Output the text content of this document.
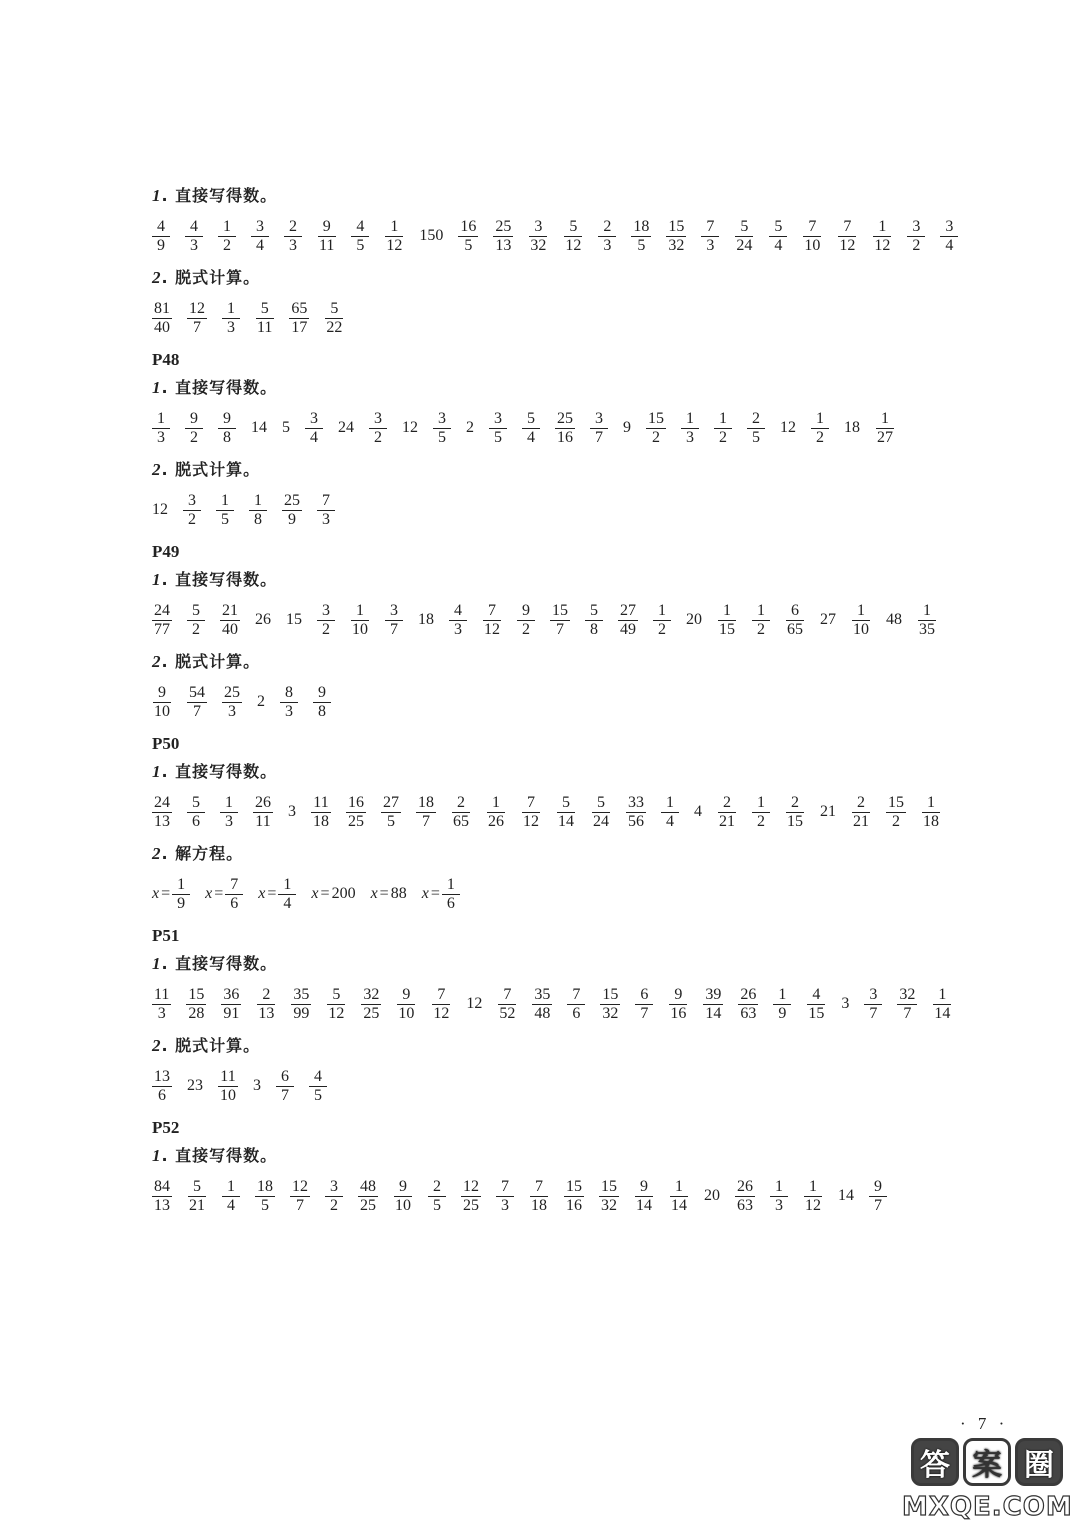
1. 直接写得数。
$\frac{4}{9} \frac{4}{3} \frac{1}{2} \frac{3}{4} \frac{2}{3} \frac{9}{11} \frac{4}{5} \frac{1}{12} 150 \frac{16}{5} \frac{25}{13} \frac{3}{32} \frac{5}{12} \frac{2}{3} \frac{18}{5} \frac{15}{32} \frac{7}{3} \frac{5}{24} \frac{5}{4} \frac{7}{10} \frac{7}{12} \frac{1}{12} \frac{3}{2} \frac{3}{4}$
2. 脱式计算。
$\frac{81}{40} \frac{12}{7} \frac{1}{3} \frac{5}{11} \frac{65}{17} \frac{5}{22}$
P48
1. 直接写得数。
$\frac{1}{3} \frac{9}{2} \frac{9}{8} 14$ $5 \frac{3}{4} 24 \frac{3}{2} 12 \frac{3}{5} 2 \frac{3}{5} \frac{5}{4} \frac{25}{16} \frac{3}{7} 9 \frac{15}{2} \frac{1}{3} \frac{1}{2} \frac{2}{5} 12 \frac{1}{2} 18 \frac{1}{27}$
2. 脱式计算。
$12 \frac{3}{2} \frac{1}{5} \frac{1}{8} \frac{25}{9} \frac{7}{3}$
P49
1. 直接写得数。
$\frac{24}{77} \frac{5}{2} \frac{21}{40} 26$ $15 \frac{3}{2} \frac{1}{10} \frac{3}{7} 18 \frac{4}{3} \frac{7}{12} \frac{9}{2} \frac{15}{7} \frac{5}{8} \frac{27}{49} \frac{1}{2} 20 \frac{1}{15} \frac{1}{2} \frac{6}{65} 27 \frac{1}{10} 48 \frac{1}{35}$
2. 脱式计算。
$\frac{9}{10} \frac{54}{7} \frac{25}{3} 2 \frac{8}{3} \frac{9}{8}$
P50
1. 直接写得数。
$\frac{24}{13} \frac{5}{6} \frac{1}{3} \frac{26}{11} 3 \frac{11}{18} \frac{16}{25} \frac{27}{5} \frac{18}{7} \frac{2}{65} \frac{1}{26} \frac{7}{12} \frac{5}{14} \frac{5}{24} \frac{33}{56} \frac{1}{4} 4 \frac{2}{21} \frac{1}{2} \frac{2}{15} 21 \frac{2}{21} \frac{15}{2} \frac{1}{18}$
2. 解方程。
$x = \frac{1}{9}$ $x = \frac{7}{6}$ $x = \frac{1}{4}$ x = 200 x = 88 $x = \frac{1}{6}$
P51
1. 直接写得数。
$\frac{11}{3} \frac{15}{28} \frac{36}{91} \frac{2}{13} \frac{35}{99} \frac{5}{12} \frac{32}{25} \frac{9}{10} \frac{7}{12} 12 \frac{7}{52} \frac{35}{48} \frac{7}{6} \frac{15}{32} \frac{6}{7} \frac{9}{16} \frac{39}{14} \frac{26}{63} \frac{1}{9} \frac{4}{15} 3 \frac{3}{7} \frac{32}{7} \frac{1}{14}$
2. 脱式计算。
$\frac{13}{6} 23 \frac{11}{10} 3 \frac{6}{7} \frac{4}{5}$
P52
1. 直接写得数。
$\frac{84}{13} \frac{5}{21} \frac{1}{4} \frac{18}{5} \frac{12}{7} \frac{3}{2} \frac{48}{25} \frac{9}{10} \frac{2}{5} \frac{12}{25} \frac{7}{3} \frac{7}{18} \frac{15}{16} \frac{15}{32} \frac{9}{14} \frac{1}{14} 20 \frac{26}{63} \frac{1}{3} \frac{1}{12} 14 \frac{9}{7}$
· 7 ·
答 案 圈
MXQE.COM
